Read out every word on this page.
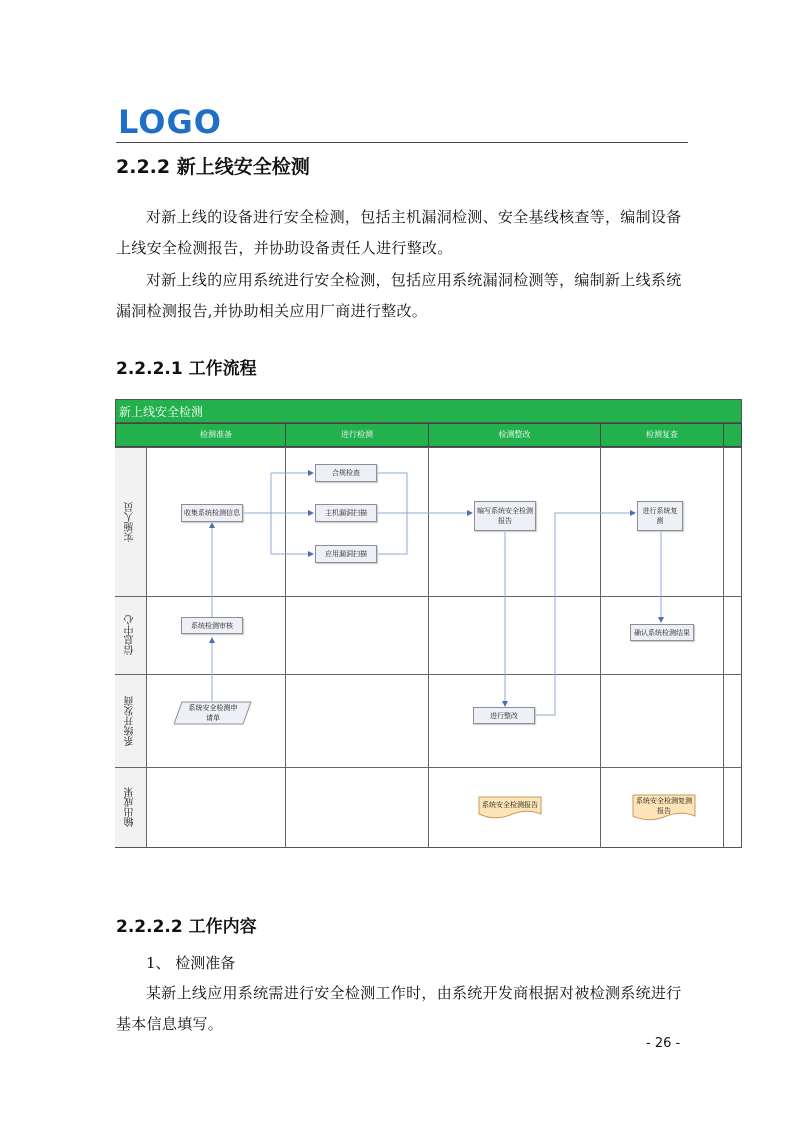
LOGO
2.2.2 新上线安全检测

对新上线的设备进行安全检测，包括主机漏洞检测、安全基线核查等，编制设备上线安全检测报告，并协助设备责任人进行整改。

对新上线的应用系统进行安全检测，包括应用系统漏洞检测等，编制新上线系统漏洞检测报告,并协助相关应用厂商进行整改。

2.2.2.1 工作流程
新上线安全检测
检测准备	进行检测	检测整改	检测复查
实施人员
信息中心
系统开发商
输出成果
收集系统检测信息
合规检查
主机漏洞扫描
应用漏洞扫描
编写系统安全检测报告
进行系统复测
系统检测审核
确认系统检测结果
进行整改
系统安全检测申请单
系统安全检测报告	系统安全检测复测报告
2.2.2.2 工作内容
1、 检测准备

某新上线应用系统需进行安全检测工作时，由系统开发商根据对被检测系统进行基本信息填写。

- 26 -
